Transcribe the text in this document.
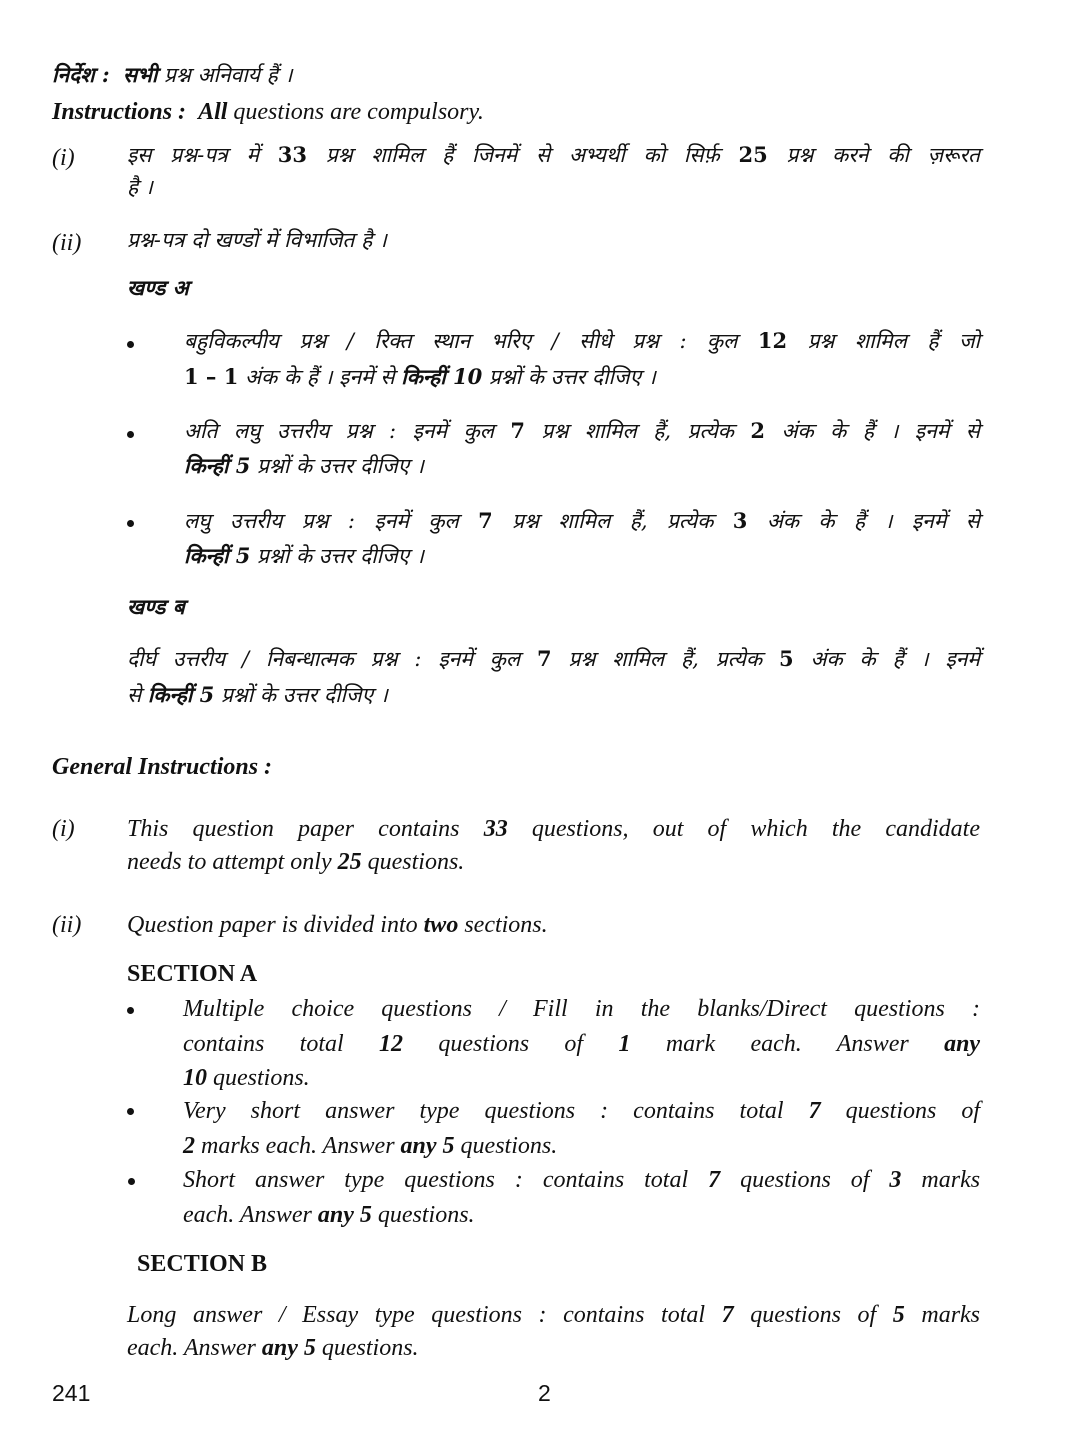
निर्देश : सभी प्रश्न अनिवार्य हैं ।
Instructions : All questions are compulsory.
(i) इस प्रश्न-पत्र में 33 प्रश्न शामिल हैं जिनमें से अभ्यर्थी को सिर्फ़ 25 प्रश्न करने की ज़रूरत
है ।
(ii) प्रश्न-पत्र दो खण्डों में विभाजित है ।
खण्ड अ
बहुविकल्पीय प्रश्न / रिक्त स्थान भरिए / सीधे प्रश्न : कुल 12 प्रश्न शामिल हैं जो
1 – 1 अंक के हैं । इनमें से किन्हीं 10 प्रश्नों के उत्तर दीजिए ।
अति लघु उत्तरीय प्रश्न : इनमें कुल 7 प्रश्न शामिल हैं, प्रत्येक 2 अंक के हैं । इनमें से
किन्हीं 5 प्रश्नों के उत्तर दीजिए ।
लघु उत्तरीय प्रश्न : इनमें कुल 7 प्रश्न शामिल हैं, प्रत्येक 3 अंक के हैं । इनमें से
किन्हीं 5 प्रश्नों के उत्तर दीजिए ।
खण्ड ब
दीर्घ उत्तरीय / निबन्धात्मक प्रश्न : इनमें कुल 7 प्रश्न शामिल हैं, प्रत्येक 5 अंक के हैं । इनमें
से किन्हीं 5 प्रश्नों के उत्तर दीजिए ।
General Instructions :
(i) This question paper contains 33 questions, out of which the candidate
needs to attempt only 25 questions.
(ii) Question paper is divided into two sections.
SECTION A
Multiple choice questions / Fill in the blanks/Direct questions :
contains total 12 questions of 1 mark each. Answer any
10 questions.
Very short answer type questions : contains total 7 questions of
2 marks each. Answer any 5 questions.
Short answer type questions : contains total 7 questions of 3 marks
each. Answer any 5 questions.
SECTION B
Long answer / Essay type questions : contains total 7 questions of 5 marks
each. Answer any 5 questions.
241	2
